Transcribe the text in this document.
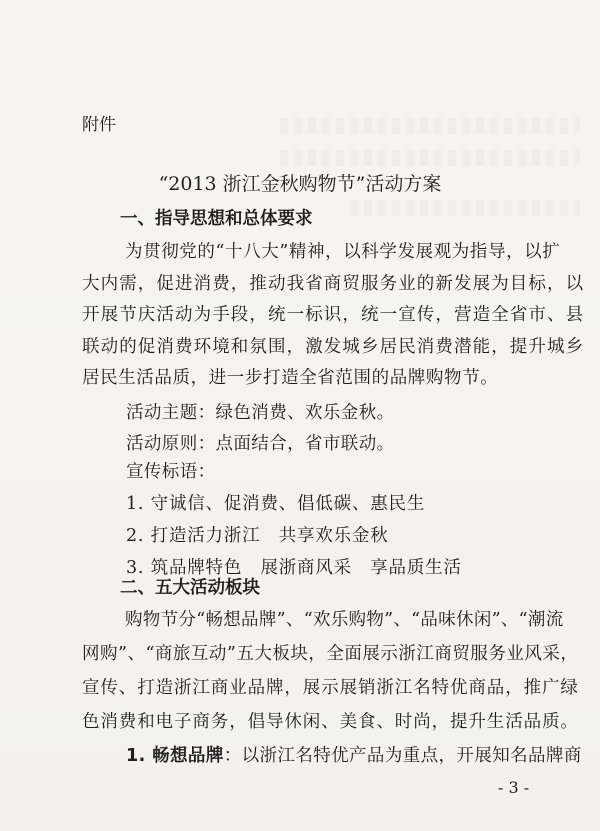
附件
“2013 浙江金秋购物节”活动方案
一、指导思想和总体要求
为贯彻党的“十八大”精神，以科学发展观为指导，以扩
大内需，促进消费，推动我省商贸服务业的新发展为目标，以
开展节庆活动为手段，统一标识，统一宣传，营造全省市、县
联动的促消费环境和氛围，激发城乡居民消费潜能，提升城乡
居民生活品质，进一步打造全省范围的品牌购物节。
活动主题：绿色消费、欢乐金秋。
活动原则：点面结合，省市联动。
宣传标语：
1. 守诚信、促消费、倡低碳、惠民生
2. 打造活力浙江　共享欢乐金秋
3. 筑品牌特色　展浙商风采　享品质生活
二、五大活动板块
购物节分“畅想品牌”、“欢乐购物”、“品味休闲”、“潮流
网购”、“商旅互动”五大板块，全面展示浙江商贸服务业风采，
宣传、打造浙江商业品牌，展示展销浙江名特优商品，推广绿
色消费和电子商务，倡导休闲、美食、时尚，提升生活品质。
1. 畅想品牌：以浙江名特优产品为重点，开展知名品牌商
- 3 -
